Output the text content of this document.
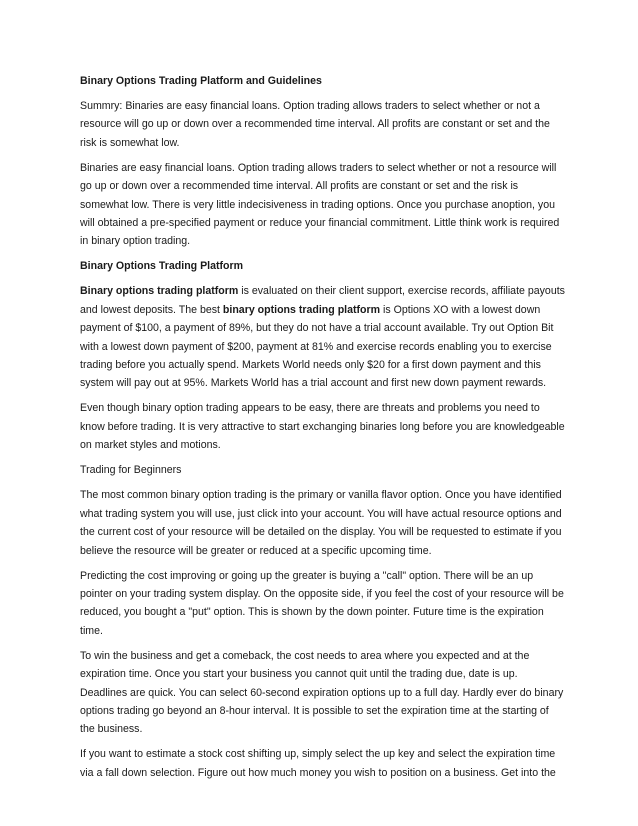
Binary Options Trading Platform and Guidelines

Summry: Binaries are easy financial loans. Option trading allows traders to select whether or not a resource will go up or down over a recommended time interval. All profits are constant or set and the risk is somewhat low.

Binaries are easy financial loans. Option trading allows traders to select whether or not a resource will go up or down over a recommended time interval. All profits are constant or set and the risk is somewhat low. There is very little indecisiveness in trading options. Once you purchase anoption, you will obtained a pre-specified payment or reduce your financial commitment. Little think work is required in binary option trading.

Binary Options Trading Platform

Binary options trading platform is evaluated on their client support, exercise records, affiliate payouts and lowest deposits. The best binary options trading platform is Options XO with a lowest down payment of $100, a payment of 89%, but they do not have a trial account available. Try out Option Bit with a lowest down payment of $200, payment at 81% and exercise records enabling you to exercise trading before you actually spend. Markets World needs only $20 for a first down payment and this system will pay out at 95%. Markets World has a trial account and first new down payment rewards.

Even though binary option trading appears to be easy, there are threats and problems you need to know before trading. It is very attractive to start exchanging binaries long before you are knowledgeable on market styles and motions.

Trading for Beginners

The most common binary option trading is the primary or vanilla flavor option. Once you have identified what trading system you will use, just click into your account. You will have actual resource options and the current cost of your resource will be detailed on the display. You will be requested to estimate if you believe the resource will be greater or reduced at a specific upcoming time.

Predicting the cost improving or going up the greater is buying a "call" option. There will be an up pointer on your trading system display. On the opposite side, if you feel the cost of your resource will be reduced, you bought a "put" option. This is shown by the down pointer. Future time is the expiration time.

To win the business and get a comeback, the cost needs to area where you expected and at the expiration time. Once you start your business you cannot quit until the trading due, date is up. Deadlines are quick. You can select 60-second expiration options up to a full day. Hardly ever do binary options trading go beyond an 8-hour interval. It is possible to set the expiration time at the starting of the business.

If you want to estimate a stock cost shifting up, simply select the up key and select the expiration time via a fall down selection. Figure out how much money you wish to position on a business. Get into the
